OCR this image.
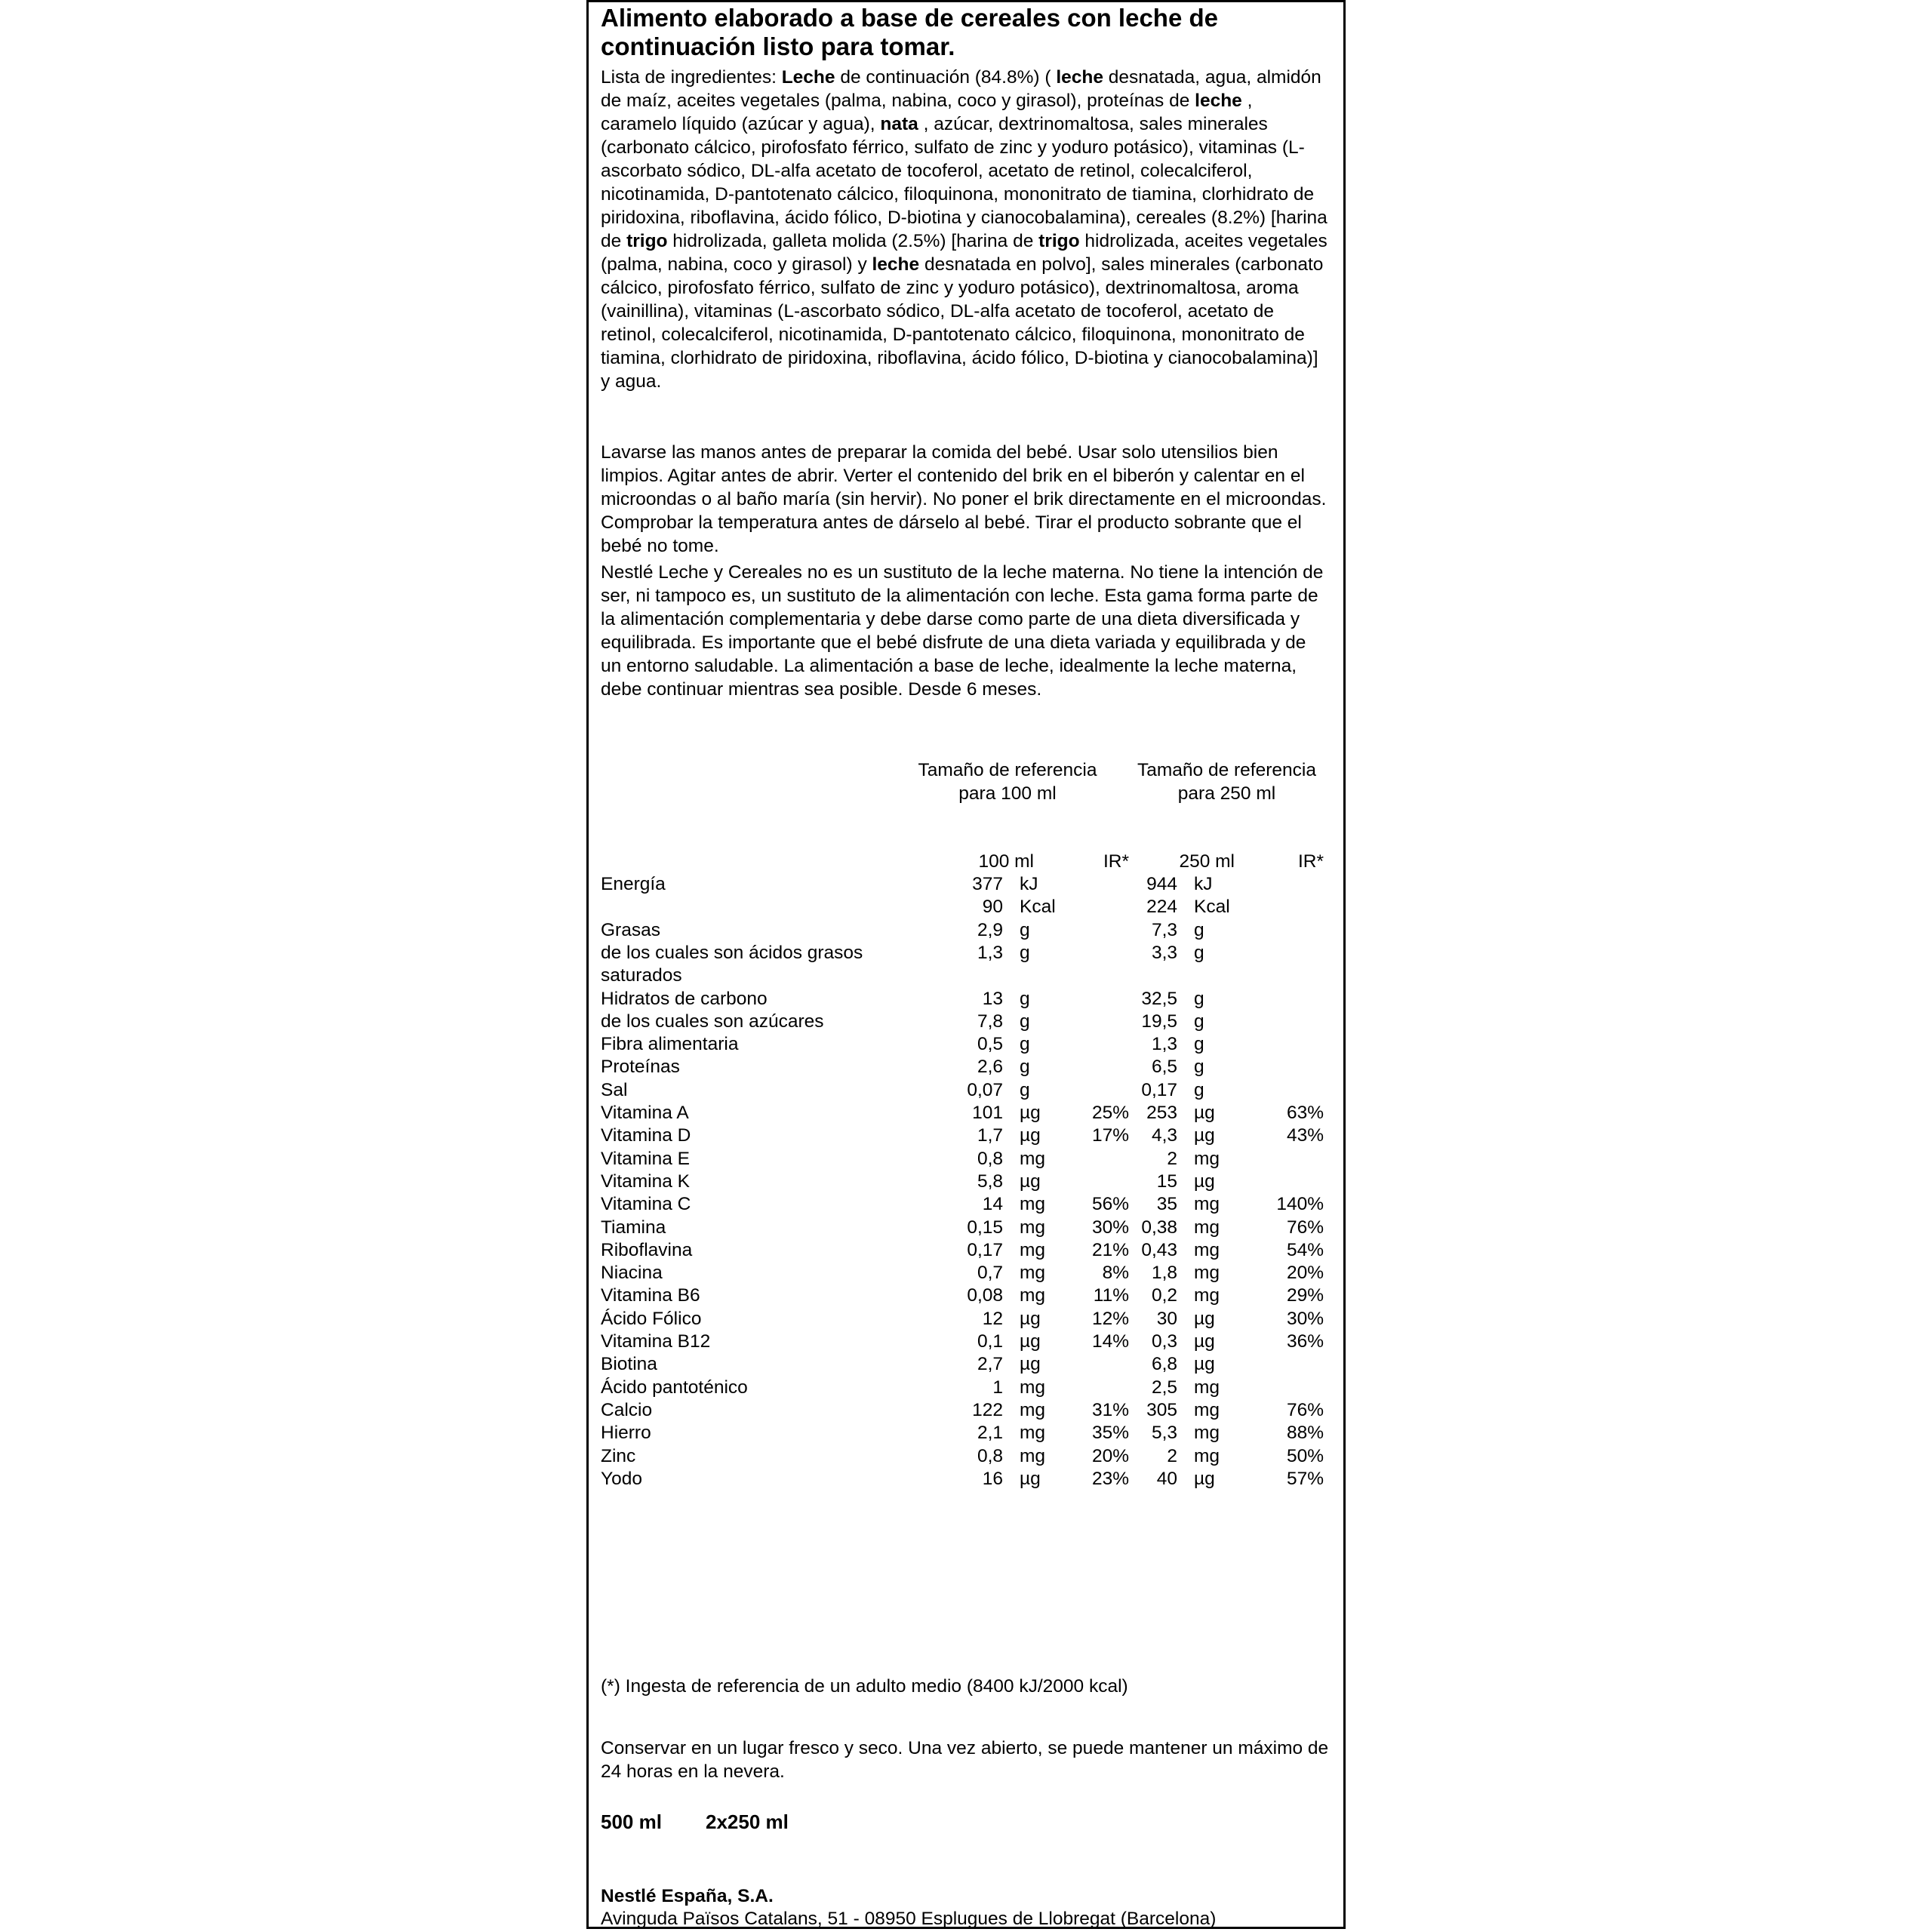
Alimento elaborado a base de cereales con leche de continuación listo para tomar.
Lista de ingredientes: Leche de continuación (84.8%) ( leche desnatada, agua, almidón de maíz, aceites vegetales (palma, nabina, coco y girasol), proteínas de leche , caramelo líquido (azúcar y agua), nata , azúcar, dextrinomaltosa, sales minerales (carbonato cálcico, pirofosfato férrico, sulfato de zinc y yoduro potásico), vitaminas (L-ascorbato sódico, DL-alfa acetato de tocoferol, acetato de retinol, colecalciferol, nicotinamida, D-pantotenato cálcico, filoquinona, mononitrato de tiamina, clorhidrato de piridoxina, riboflavina, ácido fólico, D-biotina y cianocobalamina), cereales (8.2%) [harina de trigo hidrolizada, galleta molida (2.5%) [harina de trigo hidrolizada, aceites vegetales (palma, nabina, coco y girasol) y leche desnatada en polvo], sales minerales (carbonato cálcico, pirofosfato férrico, sulfato de zinc y yoduro potásico), dextrinomaltosa, aroma (vainillina), vitaminas (L-ascorbato sódico, DL-alfa acetato de tocoferol, acetato de retinol, colecalciferol, nicotinamida, D-pantotenato cálcico, filoquinona, mononitrato de tiamina, clorhidrato de piridoxina, riboflavina, ácido fólico, D-biotina y cianocobalamina)] y agua.
Lavarse las manos antes de preparar la comida del bebé. Usar solo utensilios bien limpios. Agitar antes de abrir. Verter el contenido del brik en el biberón y calentar en el microondas o al baño maría (sin hervir). No poner el brik directamente en el microondas. Comprobar la temperatura antes de dárselo al bebé. Tirar el producto sobrante que el bebé no tome.
Nestlé Leche y Cereales no es un sustituto de la leche materna. No tiene la intención de ser, ni tampoco es, un sustituto de la alimentación con leche. Esta gama forma parte de la alimentación complementaria y debe darse como parte de una dieta diversificada y equilibrada. Es importante que el bebé disfrute de una dieta variada y equilibrada y de un entorno saludable. La alimentación a base de leche, idealmente la leche materna, debe continuar mientras sea posible. Desde 6 meses.
Tamaño de referencia para 100 ml
Tamaño de referencia para 250 ml
100 ml	IR*	250 ml	IR*
Energía	377 kJ	944 kJ
90 Kcal	224 Kcal
Grasas	2,9 g	7,3 g
de los cuales son ácidos grasos saturados
1,3 g	3,3 g
Hidratos de carbono	13 g	32,5 g
de los cuales son azúcares	7,8 g	19,5 g
Fibra alimentaria	0,5 g	1,3 g
Proteínas	2,6 g	6,5 g
Sal	0,07 g	0,17 g
Vitamina A	101 µg	25% 253 µg	63%
Vitamina D	1,7 µg	17% 4,3 µg	43%
Vitamina E	0,8 mg	2 mg
Vitamina K	5,8 µg	15 µg
Vitamina C	14 mg	56% 35 mg	140%
Tiamina	0,15 mg	30% 0,38 mg	76%
Riboflavina	0,17 mg	21% 0,43 mg	54%
Niacina	0,7 mg	8% 1,8 mg	20%
Vitamina B6	0,08 mg	11% 0,2 mg	29%
Ácido Fólico	12 µg	12% 30 µg	30%
Vitamina B12	0,1 µg	14% 0,3 µg	36%
Biotina	2,7 µg	6,8 µg
Ácido pantoténico	1 mg	2,5 mg
Calcio	122 mg	31% 305 mg	76%
Hierro	2,1 mg	35% 5,3 mg	88%
Zinc	0,8 mg	20% 2 mg	50%
Yodo	16 µg	23% 40 µg	57%
(*) Ingesta de referencia de un adulto medio (8400 kJ/2000 kcal)
Conservar en un lugar fresco y seco. Una vez abierto, se puede mantener un máximo de 24 horas en la nevera.
500 ml 2x250 ml
Nestlé España, S.A.
Avinguda Països Catalans, 51 - 08950 Esplugues de Llobregat (Barcelona)
